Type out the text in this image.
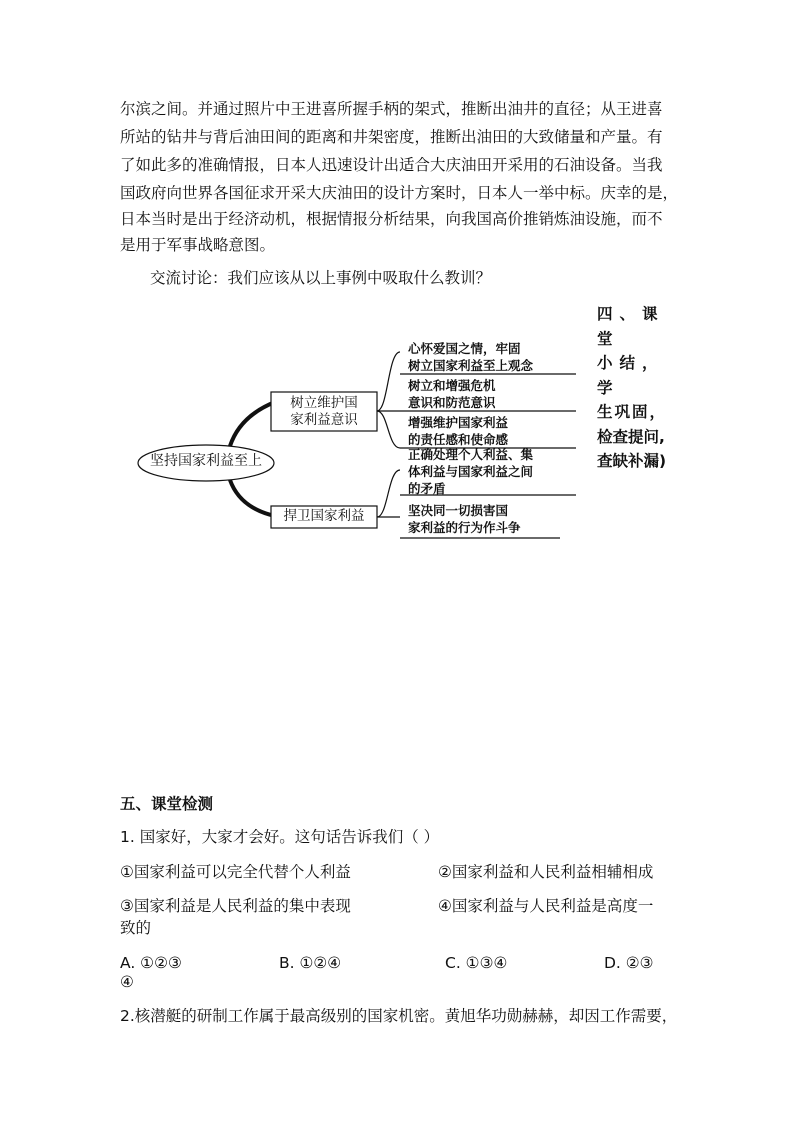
尔滨之间。并通过照片中王进喜所握手柄的架式，推断出油井的直径；从王进喜
所站的钻井与背后油田间的距离和井架密度，推断出油田的大致储量和产量。有
了如此多的准确情报，日本人迅速设计出适合大庆油田开采用的石油设备。当我
国政府向世界各国征求开采大庆油田的设计方案时，日本人一举中标。庆幸的是，
日本当时是出于经济动机，根据情报分析结果，向我国高价推销炼油设施，而不
是用于军事战略意图。
交流讨论：我们应该从以上事例中吸取什么教训？
四、课堂
小结，学
生巩固，
检查提问,
查缺补漏)
坚持国家利益至上
树立维护国
家利益意识
捍卫国家利益
心怀爱国之情，牢固
树立国家利益至上观念
树立和增强危机
意识和防范意识
增强维护国家利益
的责任感和使命感
正确处理个人利益、集
体利益与国家利益之间
的矛盾
坚决同一切损害国
家利益的行为作斗争
五、课堂检测
1. 国家好，大家才会好。这句话告诉我们（ ）
①国家利益可以完全代替个人利益	②国家利益和人民利益相辅相成
③国家利益是人民利益的集中表现	④国家利益与人民利益是高度一
致的
A. ①②③	B. ①②④	C. ①③④	D. ②③
④
2.核潜艇的研制工作属于最高级别的国家机密。黄旭华功勋赫赫，却因工作需要，
